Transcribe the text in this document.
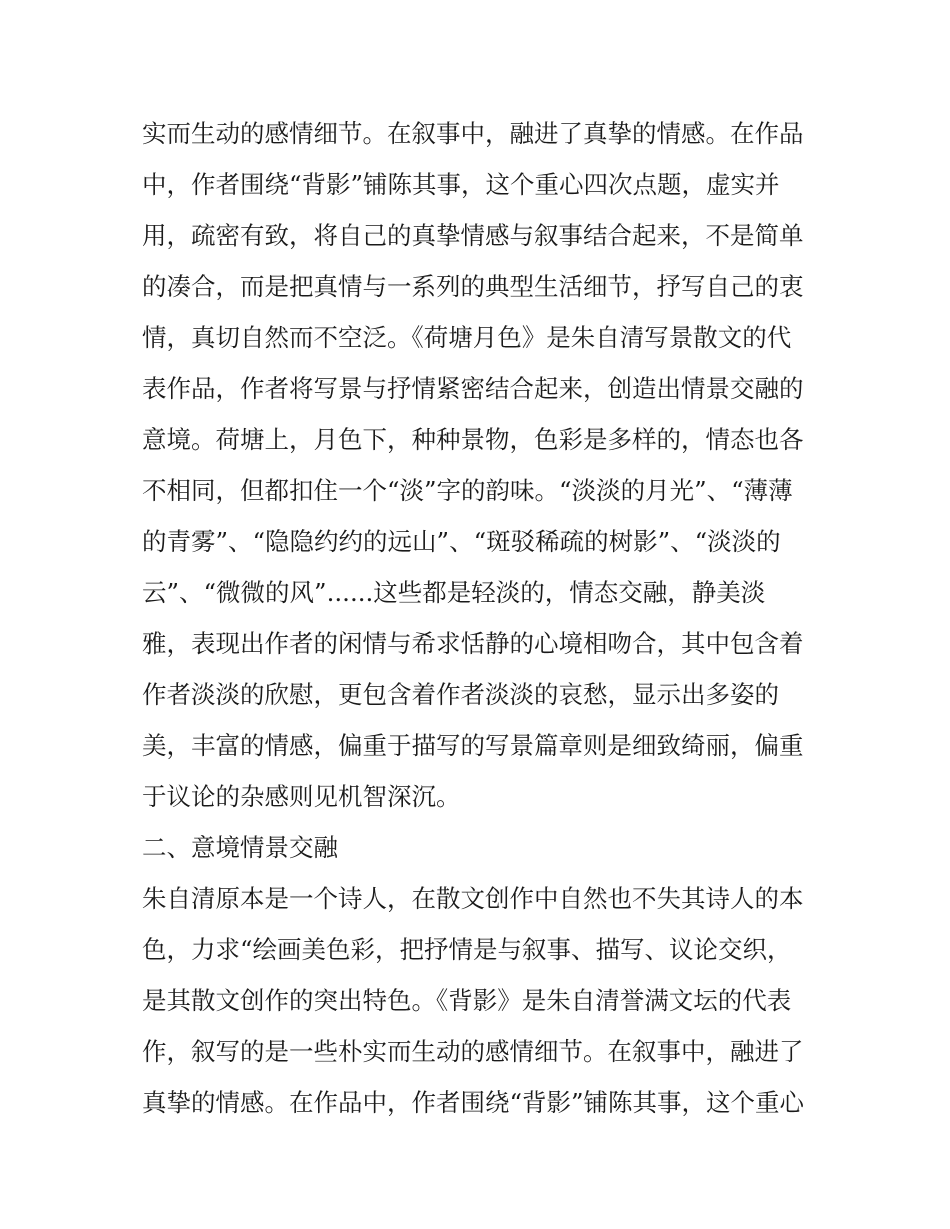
实而生动的感情细节。在叙事中，融进了真挚的情感。在作品
中，作者围绕“背影”铺陈其事，这个重心四次点题，虚实并
用，疏密有致，将自己的真挚情感与叙事结合起来，不是简单
的凑合，而是把真情与一系列的典型生活细节，抒写自己的衷
情，真切自然而不空泛。《荷塘月色》是朱自清写景散文的代
表作品，作者将写景与抒情紧密结合起来，创造出情景交融的
意境。荷塘上，月色下，种种景物，色彩是多样的，情态也各
不相同，但都扣住一个“淡”字的韵味。“淡淡的月光”、“薄薄
的青雾”、“隐隐约约的远山”、“斑驳稀疏的树影”、“淡淡的
云”、“微微的风”......这些都是轻淡的，情态交融，静美淡
雅，表现出作者的闲情与希求恬静的心境相吻合，其中包含着
作者淡淡的欣慰，更包含着作者淡淡的哀愁，显示出多姿的
美，丰富的情感，偏重于描写的写景篇章则是细致绮丽，偏重
于议论的杂感则见机智深沉。
二、意境情景交融
朱自清原本是一个诗人，在散文创作中自然也不失其诗人的本
色，力求“绘画美色彩，把抒情是与叙事、描写、议论交织，
是其散文创作的突出特色。《背影》是朱自清誉满文坛的代表
作，叙写的是一些朴实而生动的感情细节。在叙事中，融进了
真挚的情感。在作品中，作者围绕“背影”铺陈其事，这个重心
